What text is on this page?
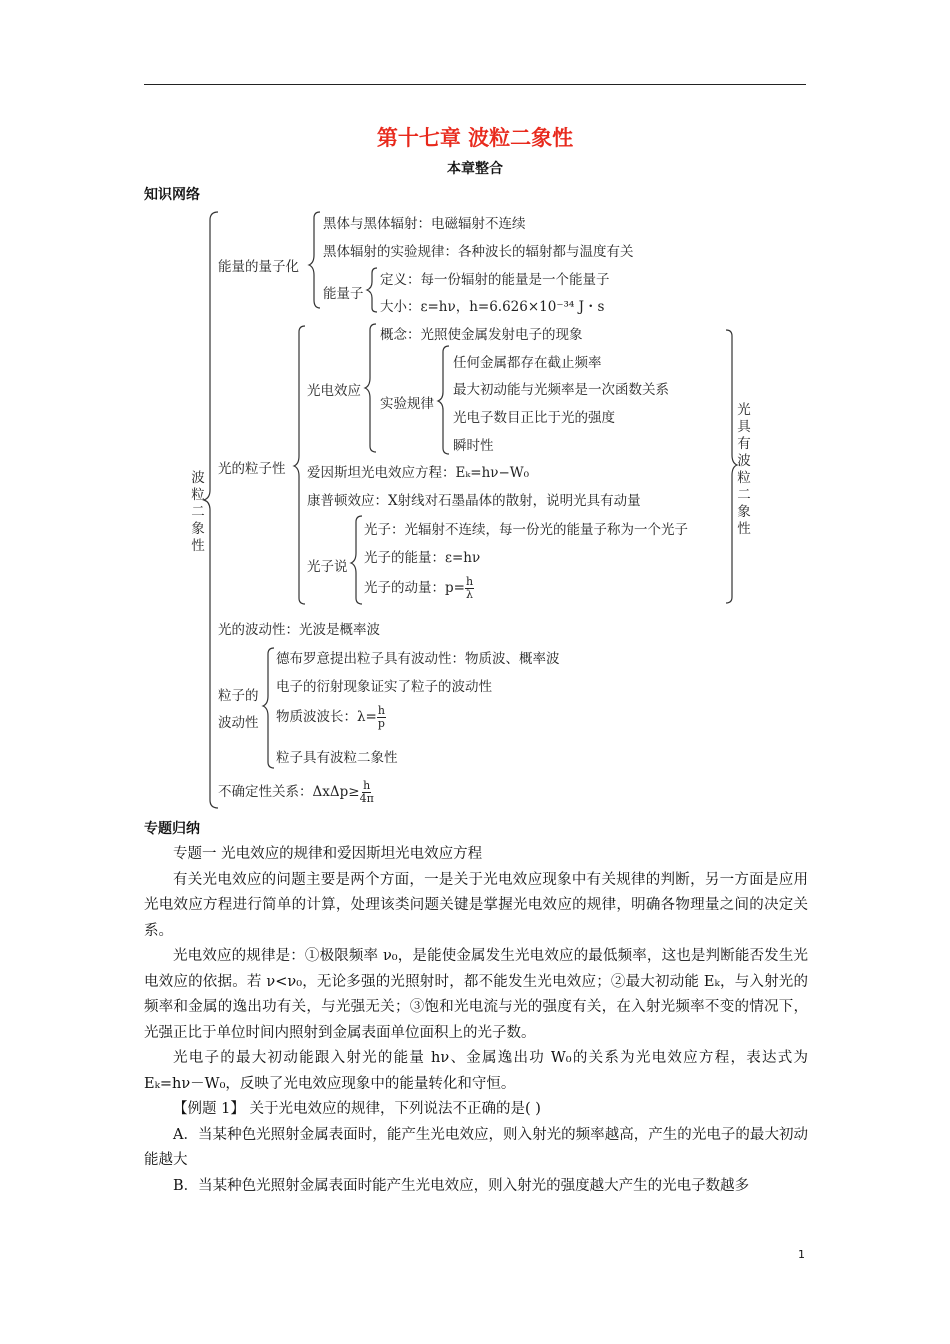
第十七章 波粒二象性
本章整合
知识网络
波粒二象性
能量的量子化
黑体与黑体辐射：电磁辐射不连续
黑体辐射的实验规律：各种波长的辐射都与温度有关
能量子
定义：每一份辐射的能量是一个能量子
大小：ε=hν，h=6.626×10⁻³⁴ J・s
光的粒子性
光电效应
概念：光照使金属发射电子的现象
实验规律
任何金属都存在截止频率
最大初动能与光频率是一次函数关系
光电子数目正比于光的强度
瞬时性
爱因斯坦光电效应方程：Eₖ=hν−W₀
康普顿效应：X射线对石墨晶体的散射，说明光具有动量
光子说
光子：光辐射不连续，每一份光的能量子称为一个光子
光子的能量：ε=hν
光子的动量：$p= \frac{h}{\lambda}$
光具有波粒二象性
光的波动性：光波是概率波
粒子的
波动性
德布罗意提出粒子具有波动性：物质波、概率波
电子的衍射现象证实了粒子的波动性
物质波波长：$\lambda= \frac{h}{p}$
粒子具有波粒二象性
不确定性关系：$\Delta x\Delta p\ge \frac{h}{4\pi}$
专题归纳

专题一 光电效应的规律和爱因斯坦光电效应方程

有关光电效应的问题主要是两个方面，一是关于光电效应现象中有关规律的判断，另一方面是应用光电效应方程进行简单的计算，处理该类问题关键是掌握光电效应的规律，明确各物理量之间的决定关系。

光电效应的规律是：①极限频率 ν₀，是能使金属发生光电效应的最低频率，这也是判断能否发生光电效应的依据。若 ν<ν₀，无论多强的光照射时，都不能发生光电效应；②最大初动能 Eₖ，与入射光的频率和金属的逸出功有关，与光强无关；③饱和光电流与光的强度有关，在入射光频率不变的情况下，光强正比于单位时间内照射到金属表面单位面积上的光子数。

光电子的最大初动能跟入射光的能量 hν、金属逸出功 W₀的关系为光电效应方程，表达式为 Eₖ=hν－W₀，反映了光电效应现象中的能量转化和守恒。

【例题 1】 关于光电效应的规律，下列说法不正确的是( )

A．当某种色光照射金属表面时，能产生光电效应，则入射光的频率越高，产生的光电子的最大初动能越大

B．当某种色光照射金属表面时能产生光电效应，则入射光的强度越大产生的光电子数越多

1
